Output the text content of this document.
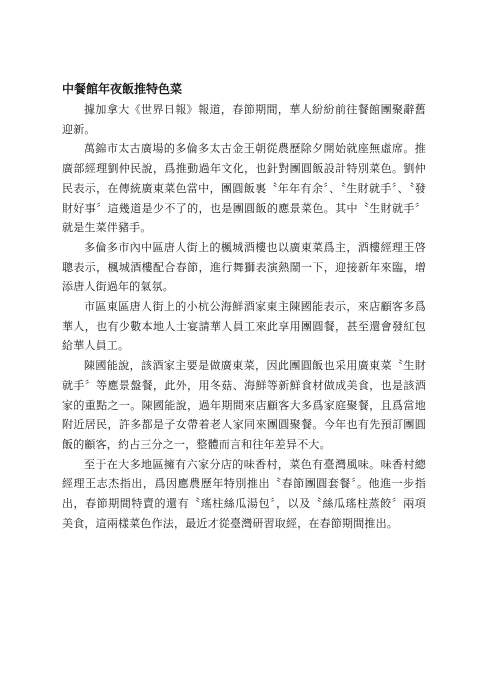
中餐館年夜飯推特色菜

據加拿大《世界日報》報道，春節期間，華人紛紛前往餐館團聚辭舊迎新。

萬錦市太古廣場的多倫多太古金王朝從農歷除夕開始就座無虛席。推廣部經理劉仲民說，爲推動過年文化，也針對團圓飯設計特別菜色。劉仲民表示，在傳統廣東菜色當中，團圓飯裏〝年年有余〞、〝生財就手〞、〝發財好事〞這幾道是少不了的，也是團圓飯的應景菜色。其中〝生財就手〞就是生菜伴豬手。

多倫多市內中區唐人街上的楓城酒樓也以廣東菜爲主，酒樓經理王啓聰表示，楓城酒樓配合春節，進行舞獅表演熱鬧一下，迎接新年來臨，增添唐人街過年的氣氛。

市區東區唐人街上的小杭公海鮮酒家東主陳國能表示，來店顧客多爲華人，也有少數本地人士宴請華人員工來此享用團圓餐，甚至還會發紅包給華人員工。

陳國能說，該酒家主要是做廣東菜，因此團圓飯也采用廣東菜〝生財就手〞等應景盤餐，此外，用冬菇、海鮮等新鮮食材做成美食，也是該酒家的重點之一。陳國能說，過年期間來店顧客大多爲家庭聚餐，且爲當地附近居民，許多都是子女帶着老人家同來團圓聚餐。今年也有先預訂團圓飯的顧客，約占三分之一，整體而言和往年差异不大。

至于在大多地區擁有六家分店的味香村，菜色有臺灣風味。味香村總經理王志杰指出，爲因應農歷年特別推出〝春節團圓套餐〞。他進一步指出，春節期間特賣的還有〝瑤柱絲瓜湯包〞，以及〝絲瓜瑤柱蒸餃〞兩項美食，這兩樣菜色作法，最近才從臺灣研習取經，在春節期間推出。
